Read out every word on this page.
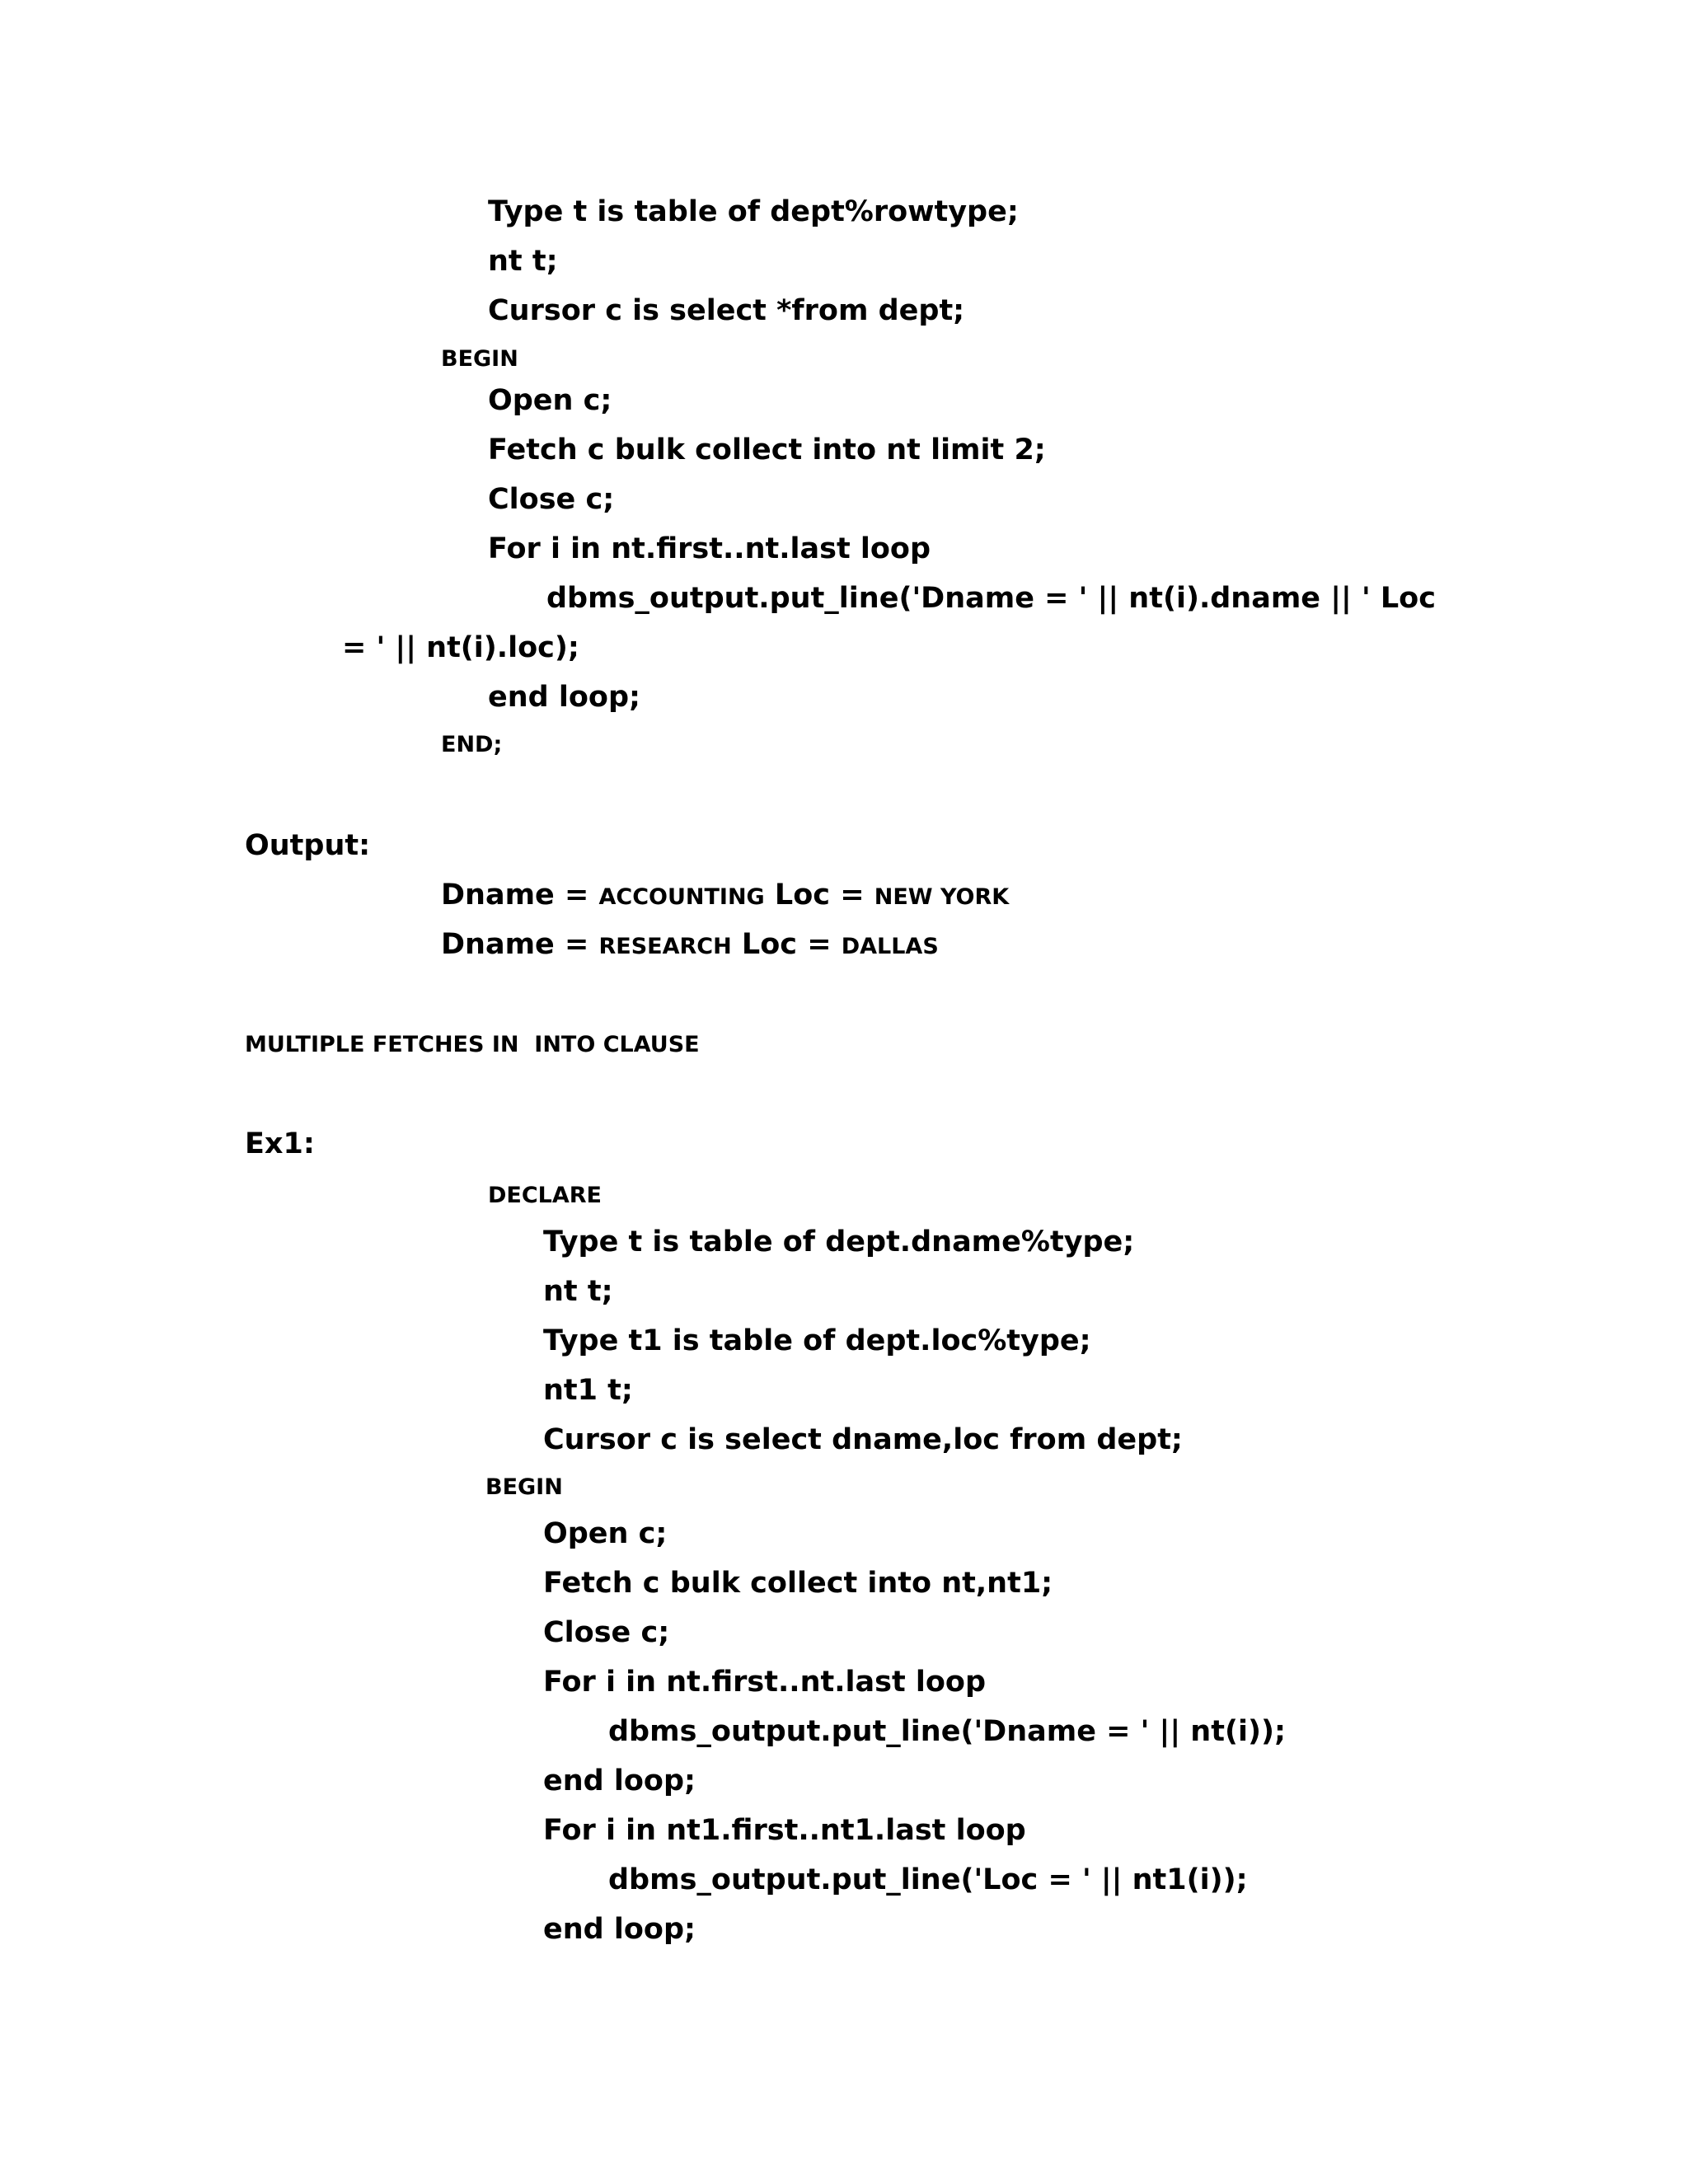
Type t is table of dept%rowtype;
nt t;
Cursor c is select *from dept;
BEGIN
Open c;
Fetch c bulk collect into nt limit 2;
Close c;
For i in nt.first..nt.last loop
dbms_output.put_line('Dname = ' || nt(i).dname || ' Loc
= ' || nt(i).loc);
end loop;
END;
Output:
Dname = ACCOUNTING Loc = NEW YORK
Dname = RESEARCH Loc = DALLAS
MULTIPLE FETCHES IN  INTO CLAUSE
Ex1:
DECLARE
Type t is table of dept.dname%type;
nt t;
Type t1 is table of dept.loc%type;
nt1 t;
Cursor c is select dname,loc from dept;
BEGIN
Open c;
Fetch c bulk collect into nt,nt1;
Close c;
For i in nt.first..nt.last loop
dbms_output.put_line('Dname = ' || nt(i));
end loop;
For i in nt1.first..nt1.last loop
dbms_output.put_line('Loc = ' || nt1(i));
end loop;
